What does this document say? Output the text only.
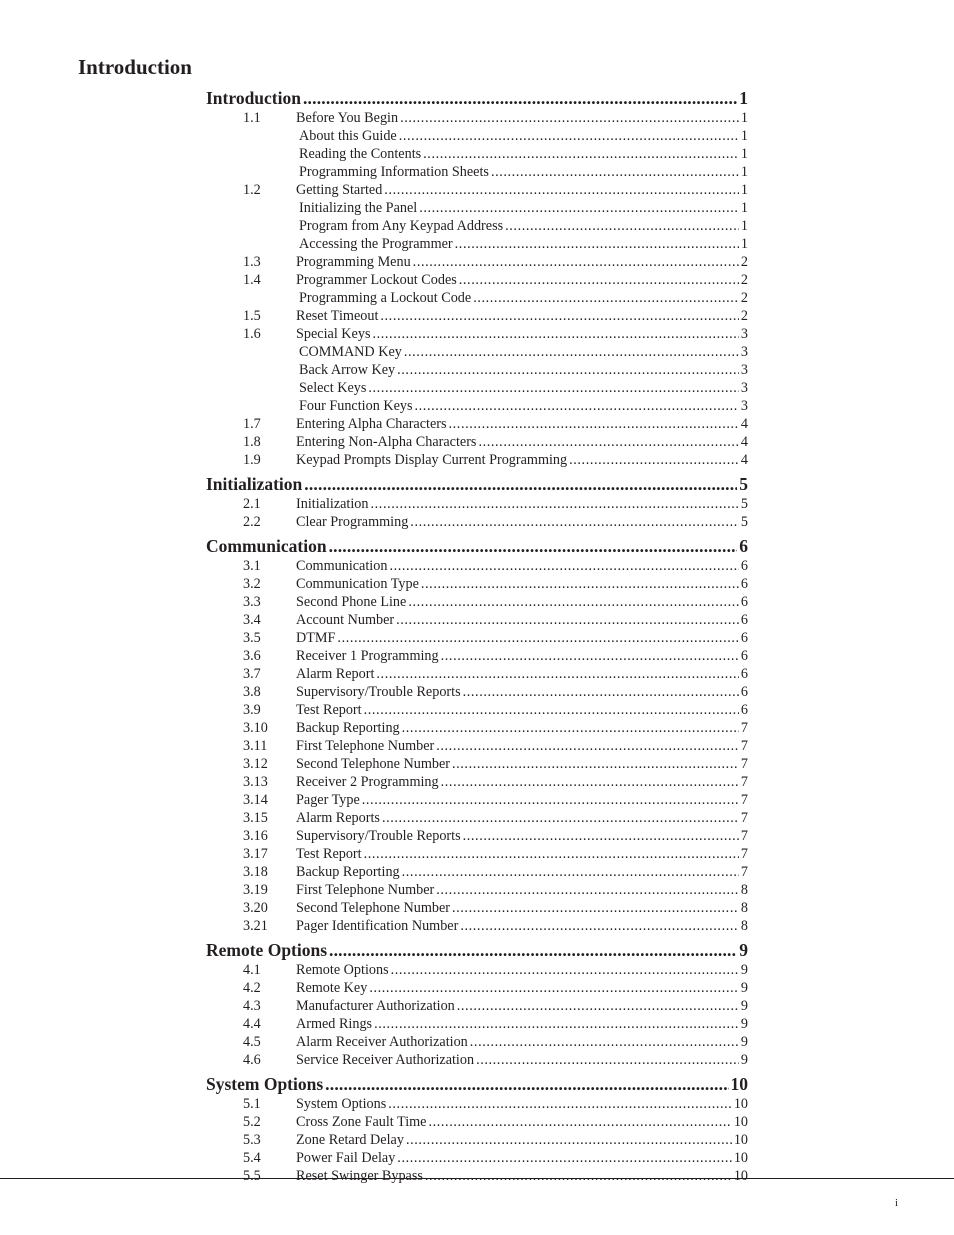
Introduction
Introduction .....	1
1.1	Before You Begin .....	1
About this Guide .....	1
Reading the Contents .....	1
Programming Information Sheets .....	1
1.2	Getting Started .....	1
Initializing the Panel .....	1
Program from Any Keypad Address .....	1
Accessing the Programmer .....	1
1.3	Programming Menu .....	2
1.4	Programmer Lockout Codes .....	2
Programming a Lockout Code .....	2
1.5	Reset Timeout .....	2
1.6	Special Keys .....	3
COMMAND Key .....	3
Back Arrow Key .....	3
Select Keys .....	3
Four Function Keys .....	3
1.7	Entering Alpha Characters .....	4
1.8	Entering Non-Alpha Characters .....	4
1.9	Keypad Prompts Display Current Programming .....	4
Initialization .....	5
2.1	Initialization .....	5
2.2	Clear Programming .....	5
Communication .....	6
3.1	Communication .....	6
3.2	Communication Type .....	6
3.3	Second Phone Line .....	6
3.4	Account Number .....	6
3.5	DTMF .....	6
3.6	Receiver 1 Programming .....	6
3.7	Alarm Report .....	6
3.8	Supervisory/Trouble Reports .....	6
3.9	Test Report .....	6
3.10	Backup Reporting .....	7
3.11	First Telephone Number .....	7
3.12	Second Telephone Number .....	7
3.13	Receiver 2 Programming .....	7
3.14	Pager Type .....	7
3.15	Alarm Reports .....	7
3.16	Supervisory/Trouble Reports .....	7
3.17	Test Report .....	7
3.18	Backup Reporting .....	7
3.19	First Telephone Number .....	8
3.20	Second Telephone Number .....	8
3.21	Pager Identification Number .....	8
Remote Options .....	9
4.1	Remote Options .....	9
4.2	Remote Key .....	9
4.3	Manufacturer Authorization .....	9
4.4	Armed Rings .....	9
4.5	Alarm Receiver Authorization .....	9
4.6	Service Receiver Authorization .....	9
System Options .....	10
5.1	System Options .....	10
5.2	Cross Zone Fault Time .....	10
5.3	Zone Retard Delay .....	10
5.4	Power Fail Delay .....	10
5.5	Reset Swinger Bypass .....	10
i
